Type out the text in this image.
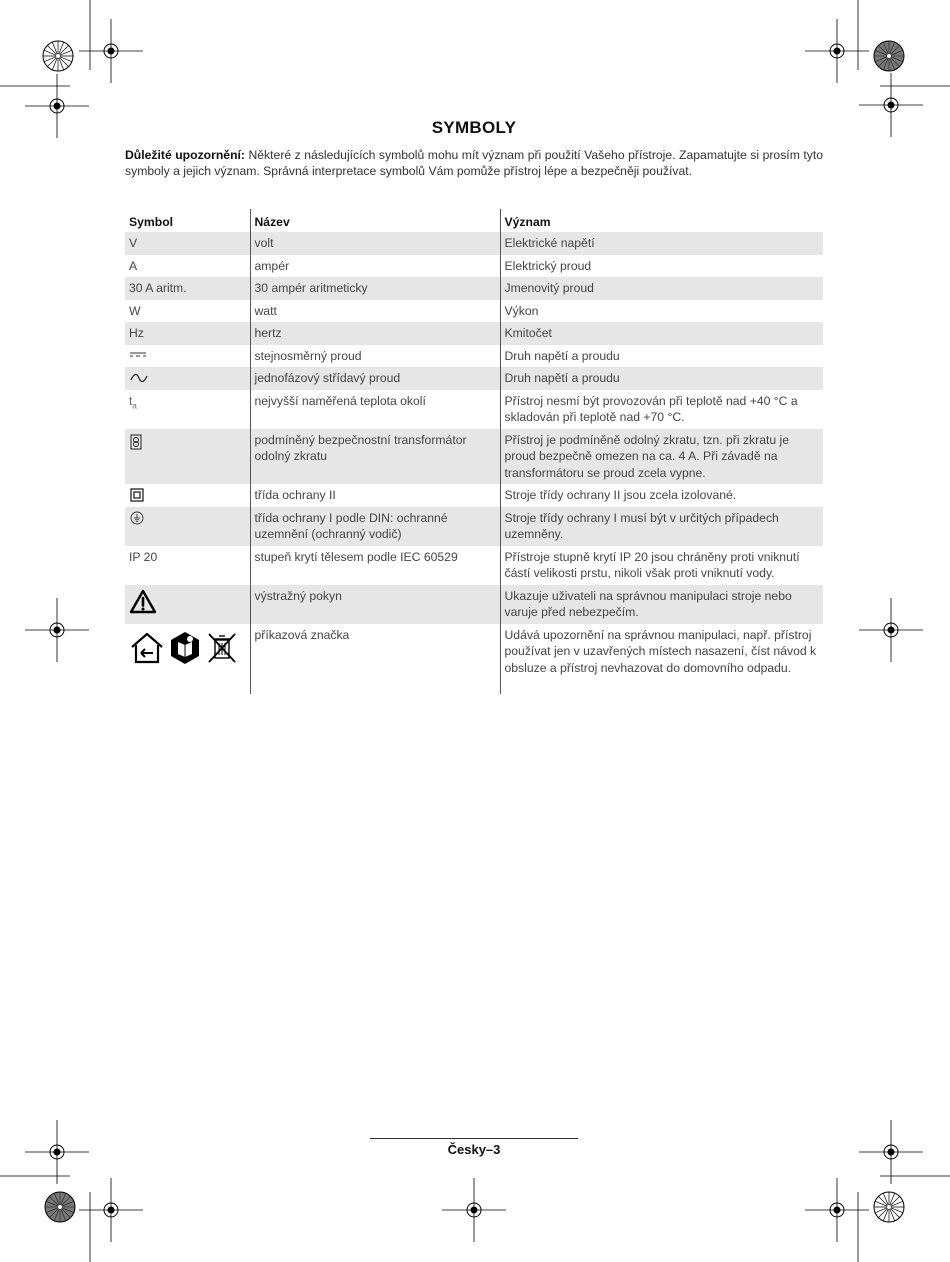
SYMBOLY

Důležité upozornění: Některé z následujících symbolů mohu mít význam při použití Vašeho přístroje. Zapamatujte si prosím tyto symboly a jejich význam. Správná interpretace symbolů Vám pomůže přístroj lépe a bezpečněji používat.

Symbol	Název	Význam
V	volt	Elektrické napětí
A	ampér	Elektrický proud
30 A aritm.	30 ampér aritmeticky	Jmenovitý proud
W	watt	Výkon
Hz	hertz	Kmitočet
	stejnosměrný proud	Druh napětí a proudu
	jednofázový střídavý proud	Druh napětí a proudu
$t_a$	nejvyšší naměřená teplota okolí	Přístroj nesmí být provozován při teplotě nad +40 °C a skladován při teplotě nad +70 °C.
	podmíněný bezpečnostní transformátor odolný zkratu	Přístroj je podmíněně odolný zkratu, tzn. při zkratu je proud bezpečně omezen na ca. 4 A. Při závadě na transformátoru se proud zcela vypne.
	třída ochrany II	Stroje třídy ochrany II jsou zcela izolované.
	třída ochrany I podle DIN: ochranné uzemnění (ochranný vodič)	Stroje třídy ochrany I musí být v určitých případech uzemněny.
IP 20	stupeň krytí tělesem podle IEC 60529	Přístroje stupně krytí IP 20 jsou chráněny proti vniknutí částí velikosti prstu, nikoli však proti vniknutí vody.
	výstražný pokyn	Ukazuje uživateli na správnou manipulaci stroje nebo varuje před nebezpečím.
	příkazová značka	Udává upozornění na správnou manipulaci, např. přístroj používat jen v uzavřených místech nasazení, číst návod k obsluze a přístroj nevhazovat do domovního odpadu.
Česky–3
